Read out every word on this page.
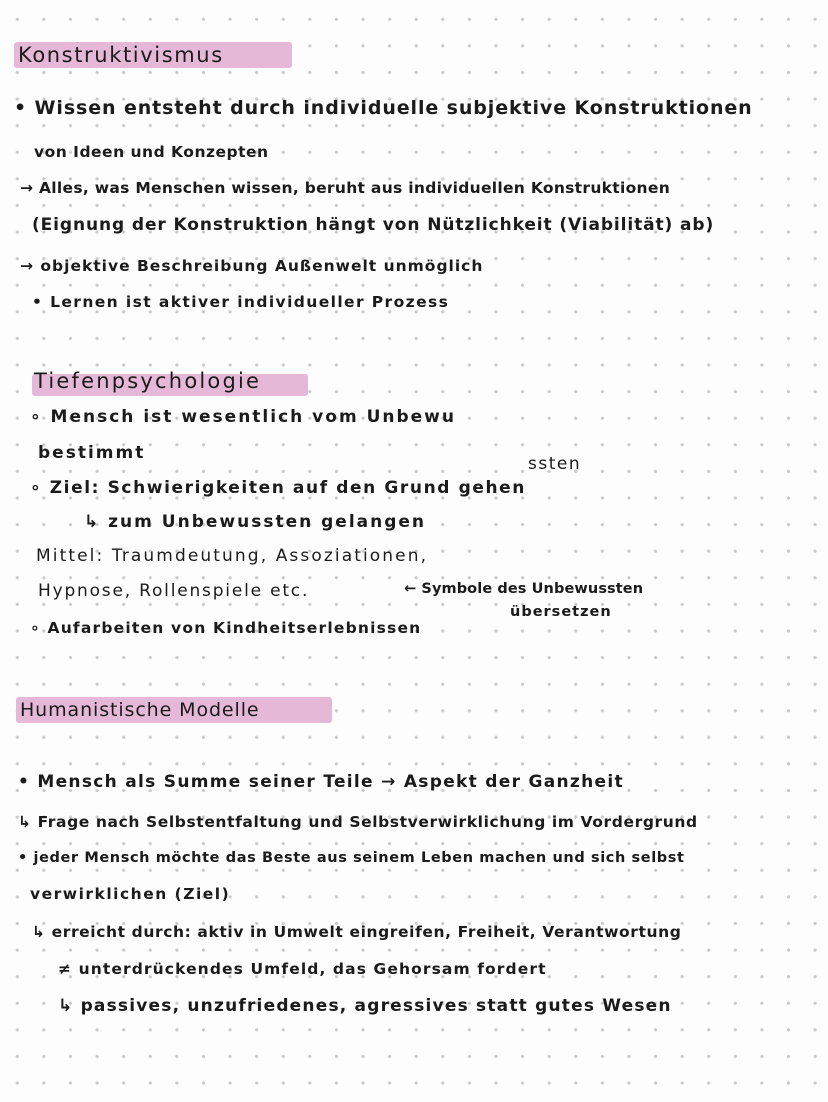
Konstruktivismus
• Wissen entsteht durch individuelle subjektive Konstruktionen
von Ideen und Konzepten
→ Alles, was Menschen wissen, beruht aus individuellen Konstruktionen
(Eignung der Konstruktion hängt von Nützlichkeit (Viabilität) ab)
→ objektive Beschreibung Außenwelt unmöglich
• Lernen ist aktiver individueller Prozess
Tiefenpsychologie
∘ Mensch ist wesentlich vom Unbewu
bestimmt
ssten
∘ Ziel: Schwierigkeiten auf den Grund gehen
↳ zum Unbewussten gelangen
Mittel: Traumdeutung, Assoziationen,
Hypnose, Rollenspiele etc.	← Symbole des Unbewussten
übersetzen
∘ Aufarbeiten von Kindheitserlebnissen
Humanistische Modelle
• Mensch als Summe seiner Teile → Aspekt der Ganzheit
↳ Frage nach Selbstentfaltung und Selbstverwirklichung im Vordergrund
• jeder Mensch möchte das Beste aus seinem Leben machen und sich selbst
verwirklichen (Ziel)
↳ erreicht durch: aktiv in Umwelt eingreifen, Freiheit, Verantwortung
≠ unterdrückendes Umfeld, das Gehorsam fordert
↳ passives, unzufriedenes, agressives statt gutes Wesen
